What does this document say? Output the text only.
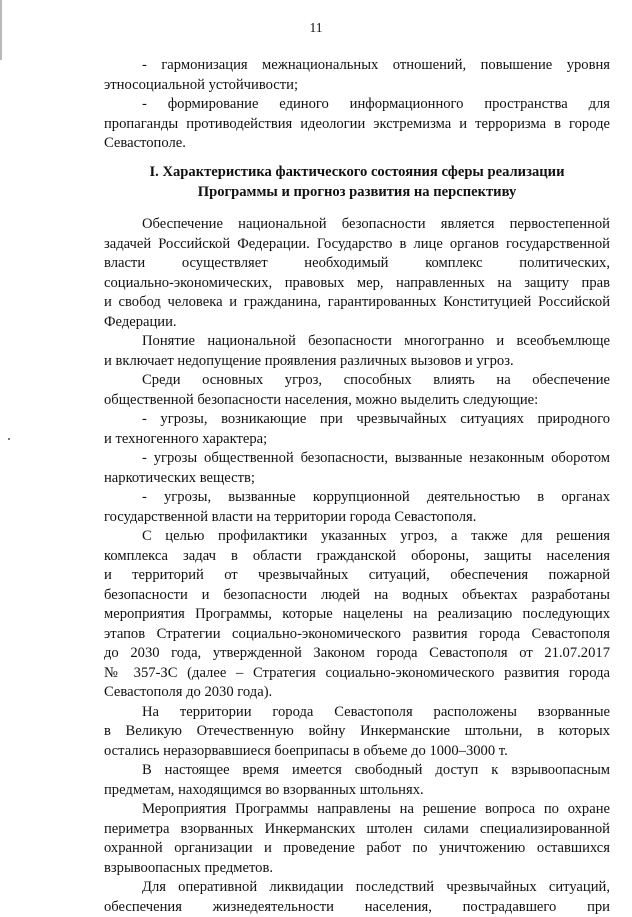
11
- гармонизация межнациональных отношений, повышение уровня
этносоциальной устойчивости;
- формирование единого информационного пространства для
пропаганды противодействия идеологии экстремизма и терроризма в городе
Севастополе.
I. Характеристика фактического состояния сферы реализации
Программы и прогноз развития на перспективу
Обеспечение национальной безопасности является первостепенной
задачей Российской Федерации. Государство в лице органов государственной
власти осуществляет необходимый комплекс политических,
социально-экономических, правовых мер, направленных на защиту прав
и свобод человека и гражданина, гарантированных Конституцией Российской
Федерации.
Понятие национальной безопасности многогранно и всеобъемлюще
и включает недопущение проявления различных вызовов и угроз.
Среди основных угроз, способных влиять на обеспечение
общественной безопасности населения, можно выделить следующие:
- угрозы, возникающие при чрезвычайных ситуациях природного
и техногенного характера;
- угрозы общественной безопасности, вызванные незаконным оборотом
наркотических веществ;
- угрозы, вызванные коррупционной деятельностью в органах
государственной власти на территории города Севастополя.
С целью профилактики указанных угроз, а также для решения
комплекса задач в области гражданской обороны, защиты населения
и территорий от чрезвычайных ситуаций, обеспечения пожарной
безопасности и безопасности людей на водных объектах разработаны
мероприятия Программы, которые нацелены на реализацию последующих
этапов Стратегии социально-экономического развития города Севастополя
до 2030 года, утвержденной Законом города Севастополя от 21.07.2017
№ 357-ЗС (далее – Стратегия социально-экономического развития города
Севастополя до 2030 года).
На территории города Севастополя расположены взорванные
в Великую Отечественную войну Инкерманские штольни, в которых
остались неразорвавшиеся боеприпасы в объеме до 1000–3000 т.
В настоящее время имеется свободный доступ к взрывоопасным
предметам, находящимся во взорванных штольнях.
Мероприятия Программы направлены на решение вопроса по охране
периметра взорванных Инкерманских штолен силами специализированной
охранной организации и проведение работ по уничтожению оставшихся
взрывоопасных предметов.
Для оперативной ликвидации последствий чрезвычайных ситуаций,
обеспечения жизнедеятельности населения, пострадавшего при
